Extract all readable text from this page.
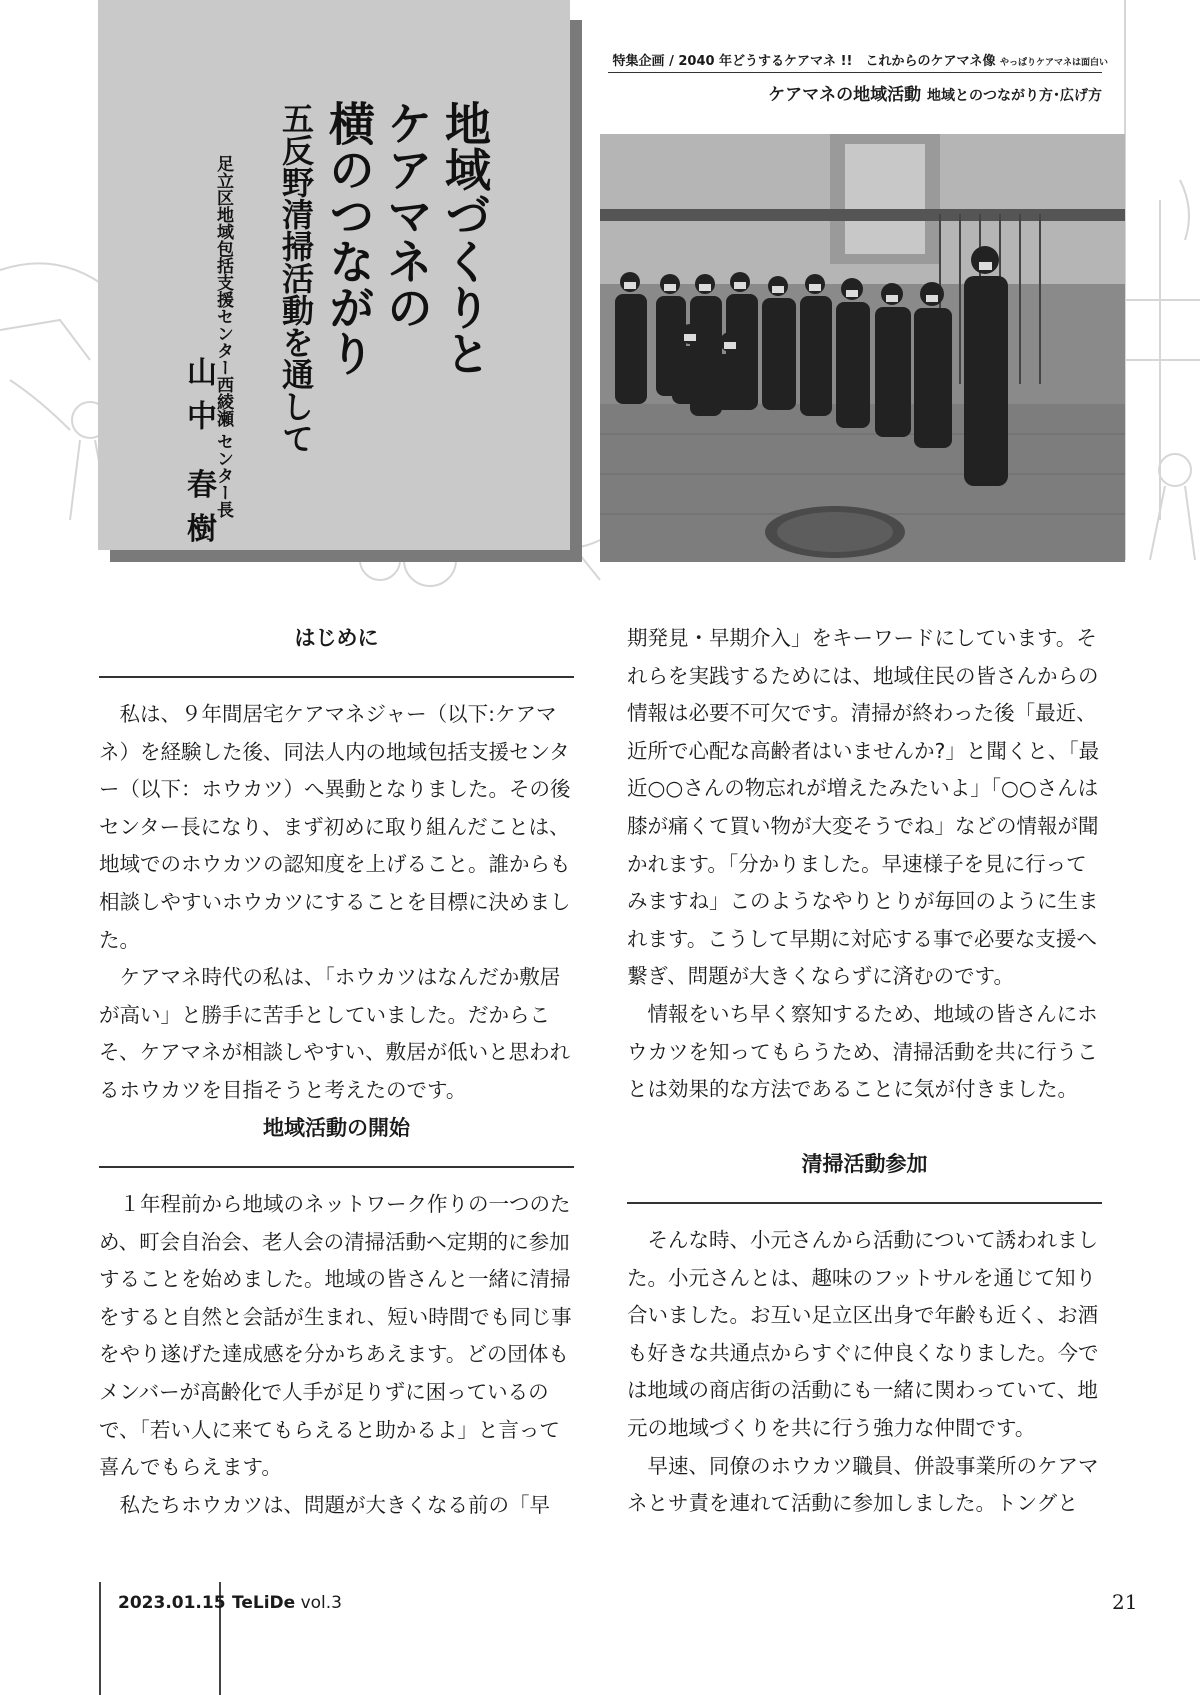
地域づくりと
ケアマネの
横のつながり
五反野清掃活動を通して
足立区地域包括支援センター西綾瀬 センター長
山中 春樹
特集企画 / 2040 年どうするケアマネ !!　これからのケアマネ像 やっぱりケアマネは面白い
ケアマネの地域活動 地域とのつながり方･広げ方
はじめに

私は、９年間居宅ケアマネジャー（以下:ケアマネ）を経験した後、同法人内の地域包括支援センター（以下：ホウカツ）へ異動となりました。その後センター長になり、まず初めに取り組んだことは、地域でのホウカツの認知度を上げること。誰からも相談しやすいホウカツにすることを目標に決めました。

ケアマネ時代の私は、「ホウカツはなんだか敷居が高い」と勝手に苦手としていました。だからこそ、ケアマネが相談しやすい、敷居が低いと思われるホウカツを目指そうと考えたのです。

地域活動の開始

１年程前から地域のネットワーク作りの一つのため、町会自治会、老人会の清掃活動へ定期的に参加することを始めました。地域の皆さんと一緒に清掃をすると自然と会話が生まれ、短い時間でも同じ事をやり遂げた達成感を分かちあえます。どの団体もメンバーが高齢化で人手が足りずに困っているので、「若い人に来てもらえると助かるよ」と言って喜んでもらえます。

私たちホウカツは、問題が大きくなる前の「早

期発見・早期介入」をキーワードにしています。それらを実践するためには、地域住民の皆さんからの情報は必要不可欠です。清掃が終わった後「最近、近所で心配な高齢者はいませんか?」と聞くと、「最近○○さんの物忘れが増えたみたいよ」「○○さんは膝が痛くて買い物が大変そうでね」などの情報が聞かれます。「分かりました。早速様子を見に行ってみますね」このようなやりとりが毎回のように生まれます。こうして早期に対応する事で必要な支援へ繋ぎ、問題が大きくならずに済むのです。

情報をいち早く察知するため、地域の皆さんにホウカツを知ってもらうため、清掃活動を共に行うことは効果的な方法であることに気が付きました。

清掃活動参加

そんな時、小元さんから活動について誘われました。小元さんとは、趣味のフットサルを通じて知り合いました。お互い足立区出身で年齢も近く、お酒も好きな共通点からすぐに仲良くなりました。今では地域の商店街の活動にも一緒に関わっていて、地元の地域づくりを共に行う強力な仲間です。

早速、同僚のホウカツ職員、併設事業所のケアマネとサ責を連れて活動に参加しました。トングと

2023.01.15 TeLiDe vol.3	21
